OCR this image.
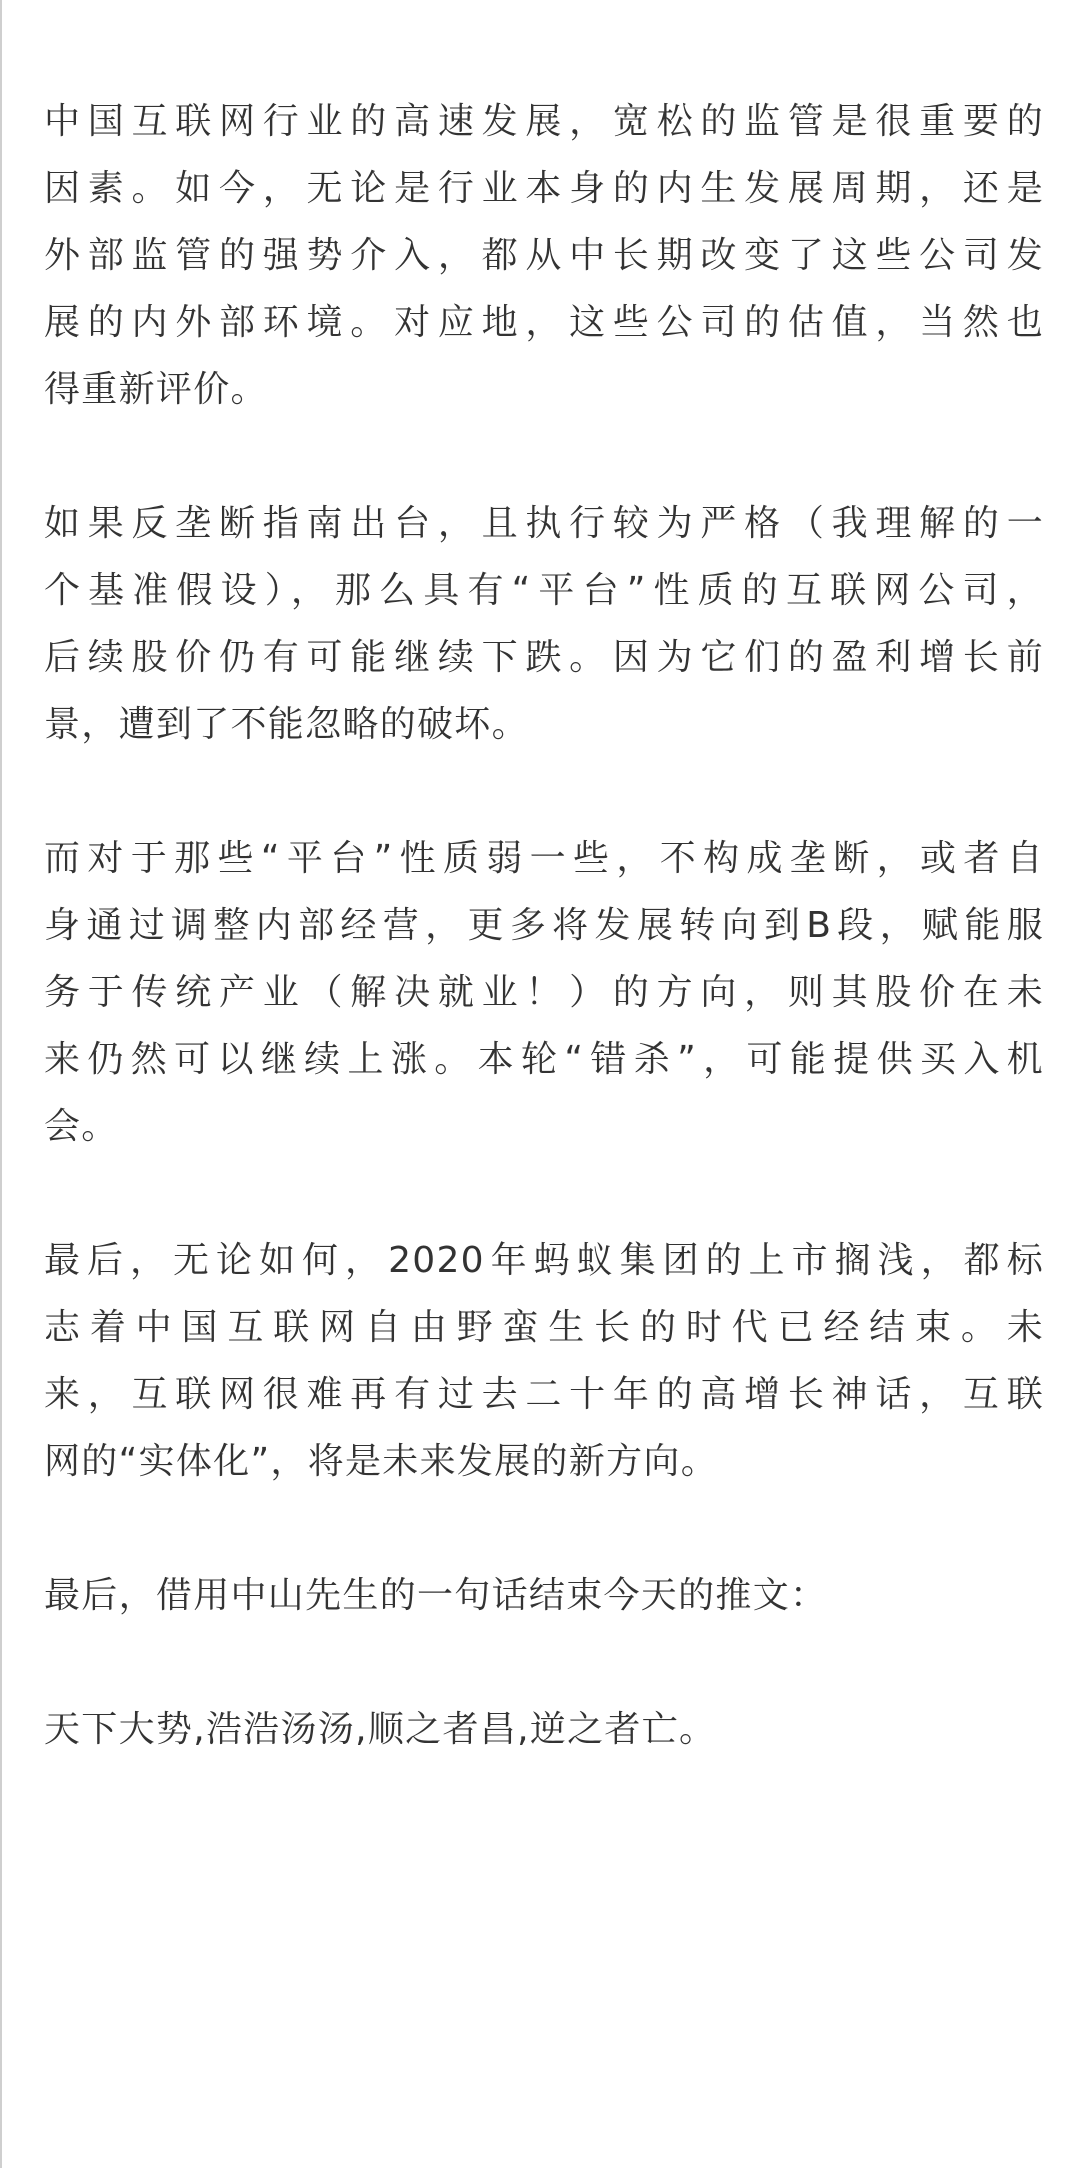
中国互联网行业的高速发展，宽松的监管是很重要的
因素。如今，无论是行业本身的内生发展周期，还是
外部监管的强势介入，都从中长期改变了这些公司发
展的内外部环境。对应地，这些公司的估值，当然也
得重新评价。
如果反垄断指南出台，且执行较为严格（我理解的一
个基准假设），那么具有“平台”性质的互联网公司，
后续股价仍有可能继续下跌。因为它们的盈利增长前
景，遭到了不能忽略的破坏。
而对于那些“平台”性质弱一些，不构成垄断，或者自
身通过调整内部经营，更多将发展转向到B段，赋能服
务于传统产业（解决就业！）的方向，则其股价在未
来仍然可以继续上涨。本轮“错杀”，可能提供买入机
会。
最后，无论如何，2020年蚂蚁集团的上市搁浅，都标
志着中国互联网自由野蛮生长的时代已经结束。未
来，互联网很难再有过去二十年的高增长神话，互联
网的“实体化”，将是未来发展的新方向。
最后，借用中山先生的一句话结束今天的推文：
天下大势,浩浩汤汤,顺之者昌,逆之者亡。
